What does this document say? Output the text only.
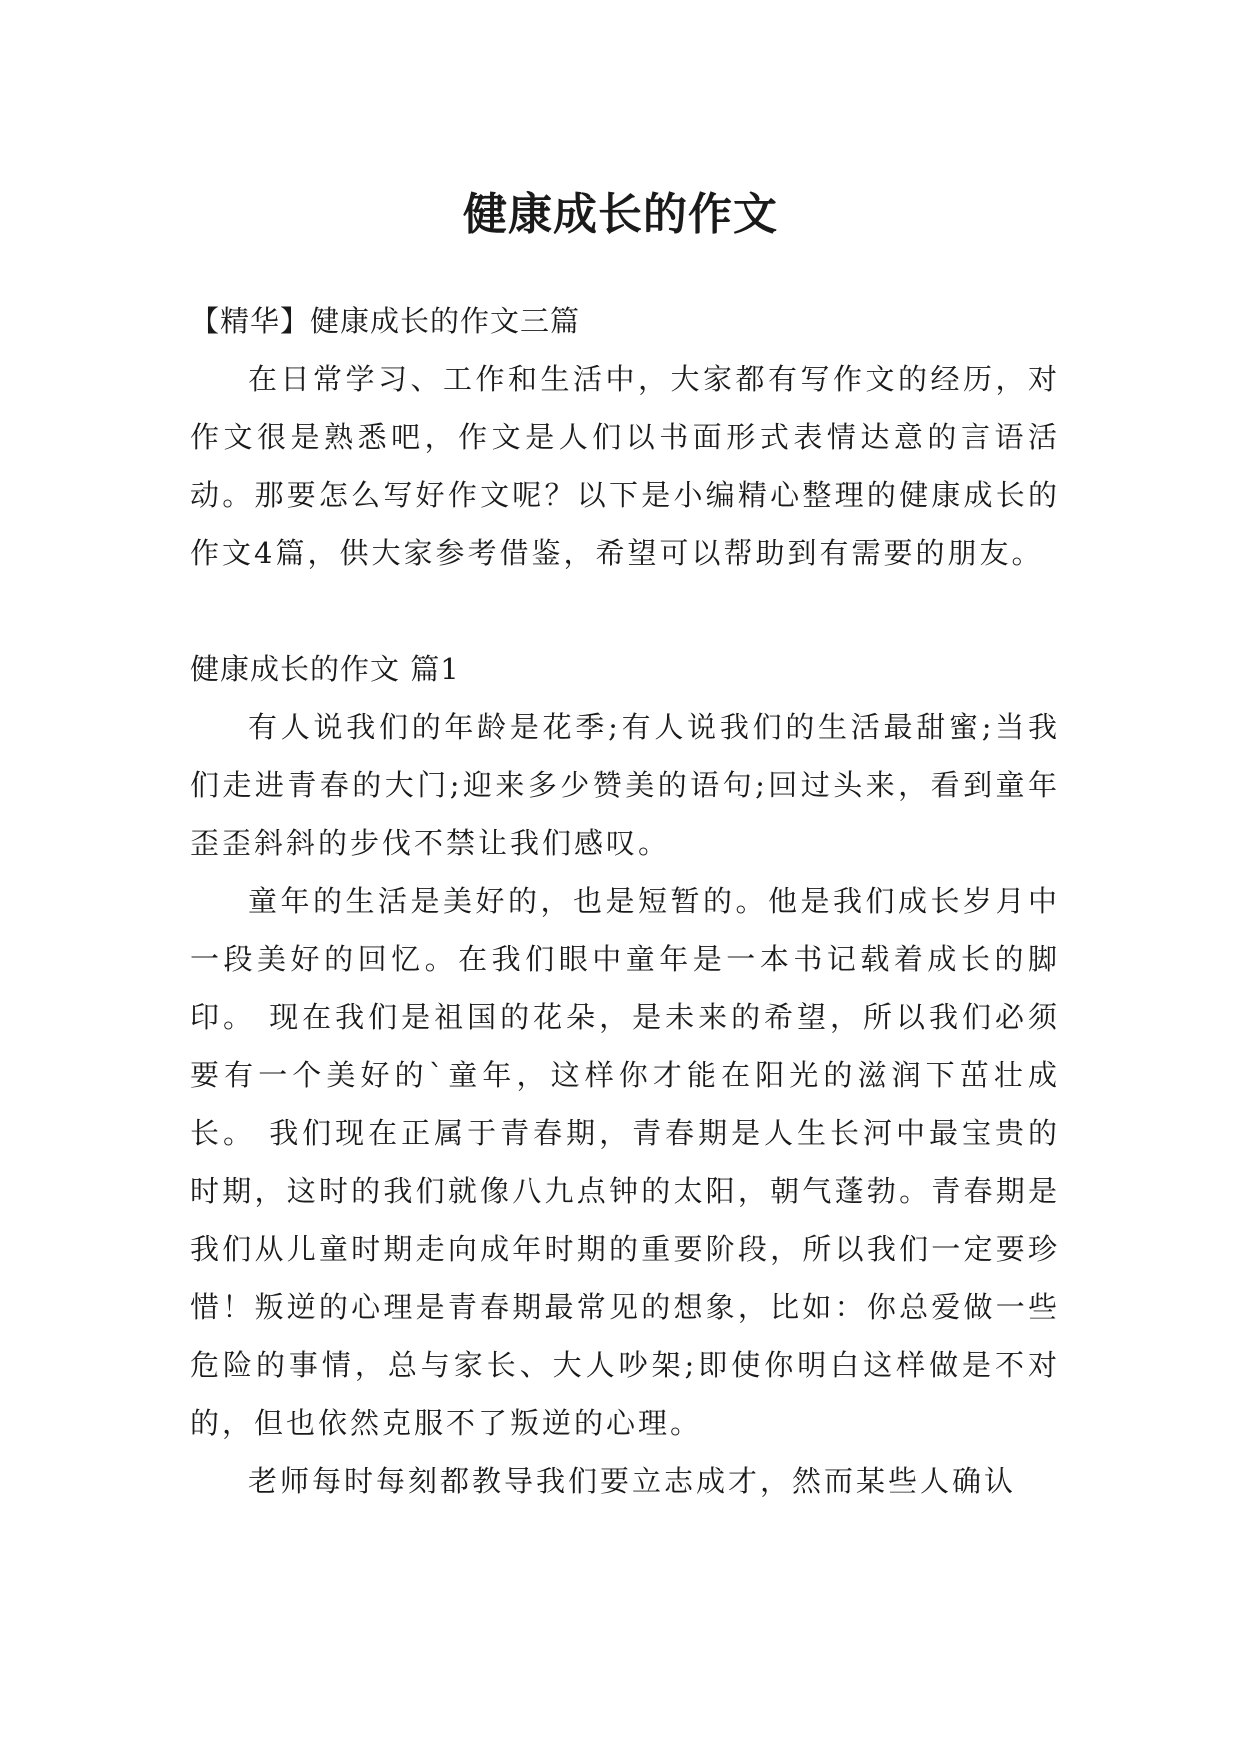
健康成长的作文

【精华】健康成长的作文三篇

在日常学习、工作和生活中，大家都有写作文的经历，对作文很是熟悉吧，作文是人们以书面形式表情达意的言语活动。那要怎么写好作文呢？以下是小编精心整理的健康成长的作文4篇，供大家参考借鉴，希望可以帮助到有需要的朋友。

健康成长的作文 篇1

有人说我们的年龄是花季;有人说我们的生活最甜蜜;当我们走进青春的大门;迎来多少赞美的语句;回过头来，看到童年歪歪斜斜的步伐不禁让我们感叹。

童年的生活是美好的，也是短暂的。他是我们成长岁月中一段美好的回忆。在我们眼中童年是一本书记载着成长的脚印。 现在我们是祖国的花朵，是未来的希望，所以我们必须要有一个美好的`童年，这样你才能在阳光的滋润下茁壮成长。 我们现在正属于青春期，青春期是人生长河中最宝贵的时期，这时的我们就像八九点钟的太阳，朝气蓬勃。青春期是我们从儿童时期走向成年时期的重要阶段，所以我们一定要珍惜！叛逆的心理是青春期最常见的想象，比如：你总爱做一些危险的事情，总与家长、大人吵架;即使你明白这样做是不对的，但也依然克服不了叛逆的心理。

老师每时每刻都教导我们要立志成才，然而某些人确认
